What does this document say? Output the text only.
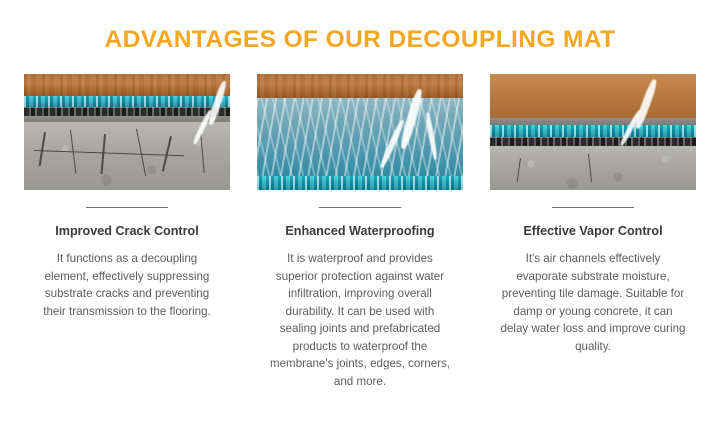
ADVANTAGES OF OUR DECOUPLING MAT
Improved Crack Control
It functions as a decoupling element, effectively suppressing substrate cracks and preventing their transmission to the flooring.
Enhanced Waterproofing
It is waterproof and provides superior protection against water infiltration, improving overall durability. It can be used with sealing joints and prefabricated products to waterproof the membrane's joints, edges, corners, and more.
Effective Vapor Control
It's air channels effectively evaporate substrate moisture, preventing tile damage. Suitable for damp or young concrete, it can delay water loss and improve curing quality.
